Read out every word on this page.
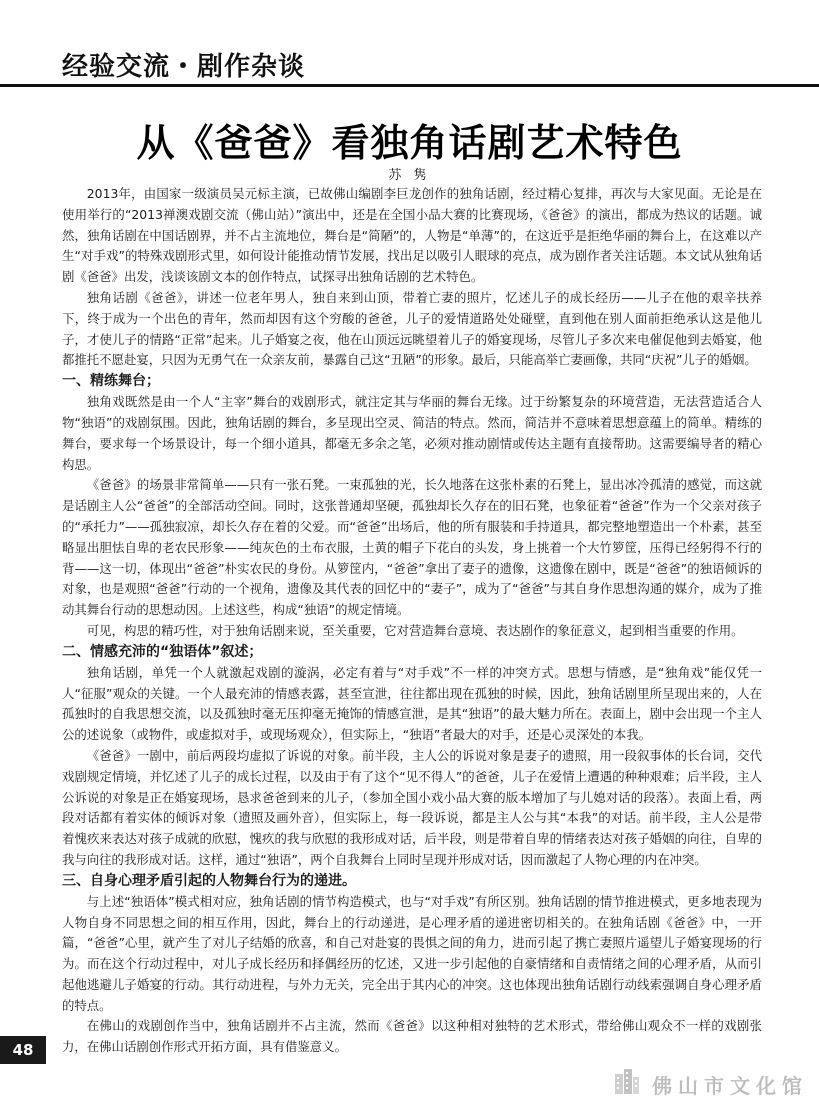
经验交流・剧作杂谈
从《爸爸》看独角话剧艺术特色
苏 隽

2013年，由国家一级演员吴元标主演，已故佛山编剧李巨龙创作的独角话剧，经过精心复排，再次与大家见面。无论是在使用举行的“2013禅澳戏剧交流（佛山站）”演出中，还是在全国小品大赛的比赛现场，《爸爸》的演出，都成为热议的话题。诚然，独角话剧在中国话剧界，并不占主流地位，舞台是“简陋”的，人物是“单薄”的，在这近乎是拒绝华丽的舞台上，在这难以产生“对手戏”的特殊戏剧形式里，如何设计能推动情节发展，找出足以吸引人眼球的亮点，成为剧作者关注话题。本文试从独角话剧《爸爸》出发，浅谈该剧文本的创作特点，试探寻出独角话剧的艺术特色。

独角话剧《爸爸》，讲述一位老年男人，独自来到山顶，带着亡妻的照片，忆述儿子的成长经历——儿子在他的艰辛扶养下，终于成为一个出色的青年，然而却因有这个穷酸的爸爸，儿子的爱情道路处处碰壁，直到他在别人面前拒绝承认这是他儿子，才使儿子的情路“正常”起来。儿子婚宴之夜，他在山顶远远眺望着儿子的婚宴现场，尽管儿子多次来电催促他到去婚宴，他都推托不愿赴宴，只因为无勇气在一众亲友前，暴露自己这“丑陋”的形象。最后，只能高举亡妻画像，共同“庆祝”儿子的婚姻。

一、精练舞台；

独角戏既然是由一个人“主宰”舞台的戏剧形式，就注定其与华丽的舞台无缘。过于纷繁复杂的环境营造，无法营造适合人物“独语”的戏剧氛围。因此，独角话剧的舞台，多呈现出空灵、简洁的特点。然而，简洁并不意味着思想意蕴上的简单。精练的舞台，要求每一个场景设计，每一个细小道具，都毫无多余之笔，必须对推动剧情或传达主题有直接帮助。这需要编导者的精心构思。

《爸爸》的场景非常简单——只有一张石凳。一束孤独的光，长久地落在这张朴素的石凳上，显出冰冷孤清的感觉，而这就是话剧主人公“爸爸”的全部活动空间。同时，这张普通却坚硬，孤独却长久存在的旧石凳，也象征着“爸爸”作为一个父亲对孩子的“承托力”——孤独寂凉，却长久存在着的父爱。而“爸爸”出场后，他的所有服装和手持道具，都完整地塑造出一个朴素，甚至略显出胆怯自卑的老农民形象——纯灰色的土布衣服，土黄的帽子下花白的头发，身上挑着一个大竹箩筐，压得已经躬得不行的背——这一切，体现出“爸爸”朴实农民的身份。从箩筐内，“爸爸”拿出了妻子的遗像，这遗像在剧中，既是“爸爸”的独语倾诉的对象，也是观照“爸爸”行动的一个视角，遗像及其代表的回忆中的“妻子”，成为了“爸爸”与其自身作思想沟通的媒介，成为了推动其舞台行动的思想动因。上述这些，构成“独语”的规定情境。

可见，构思的精巧性，对于独角话剧来说，至关重要，它对营造舞台意境、表达剧作的象征意义，起到相当重要的作用。

二、情感充沛的“独语体”叙述；

独角话剧，单凭一个人就激起戏剧的漩涡，必定有着与“对手戏”不一样的冲突方式。思想与情感，是“独角戏”能仅凭一人“征服”观众的关键。一个人最充沛的情感表露，甚至宣泄，往往都出现在孤独的时候，因此，独角话剧里所呈现出来的，人在孤独时的自我思想交流，以及孤独时毫无压抑毫无掩饰的情感宣泄，是其“独语”的最大魅力所在。表面上，剧中会出现一个主人公的述说象（或物件，或虚拟对手，或现场观众），但实际上，“独语”者最大的对手，还是心灵深处的本我。

《爸爸》一剧中，前后两段均虚拟了诉说的对象。前半段，主人公的诉说对象是妻子的遗照，用一段叙事体的长台词，交代戏剧规定情境，并忆述了儿子的成长过程，以及由于有了这个“见不得人”的爸爸，儿子在爱情上遭遇的种种艰难；后半段，主人公诉说的对象是正在婚宴现场，恳求爸爸到来的儿子，（参加全国小戏小品大赛的版本增加了与儿媳对话的段落）。表面上看，两段对话都有着实体的倾诉对象（遗照及画外音），但实际上，每一段诉说，都是主人公与其“本我”的对话。前半段，主人公是带着愧疚来表达对孩子成就的欣慰，愧疚的我与欣慰的我形成对话，后半段，则是带着自卑的情绪表达对孩子婚姻的向往，自卑的我与向往的我形成对话。这样，通过“独语”，两个自我舞台上同时呈现并形成对话，因而激起了人物心理的内在冲突。

三、自身心理矛盾引起的人物舞台行为的递进。

与上述“独语体”模式相对应，独角话剧的情节构造模式，也与“对手戏”有所区别。独角话剧的情节推进模式，更多地表现为人物自身不同思想之间的相互作用，因此，舞台上的行动递进，是心理矛盾的递进密切相关的。在独角话剧《爸爸》中，一开篇，“爸爸”心里，就产生了对儿子结婚的欣喜，和自己对赴宴的畏惧之间的角力，进而引起了携亡妻照片遥望儿子婚宴现场的行为。而在这个行动过程中，对儿子成长经历和择偶经历的忆述，又进一步引起他的自豪情绪和自责情绪之间的心理矛盾，从而引起他逃避儿子婚宴的行动。其行动进程，与外力无关，完全出于其内心的冲突。这也体现出独角话剧行动线索强调自身心理矛盾的特点。

在佛山的戏剧创作当中，独角话剧并不占主流，然而《爸爸》以这种相对独特的艺术形式，带给佛山观众不一样的戏剧张力，在佛山话剧创作形式开拓方面，具有借鉴意义。

48
佛山市文化馆
